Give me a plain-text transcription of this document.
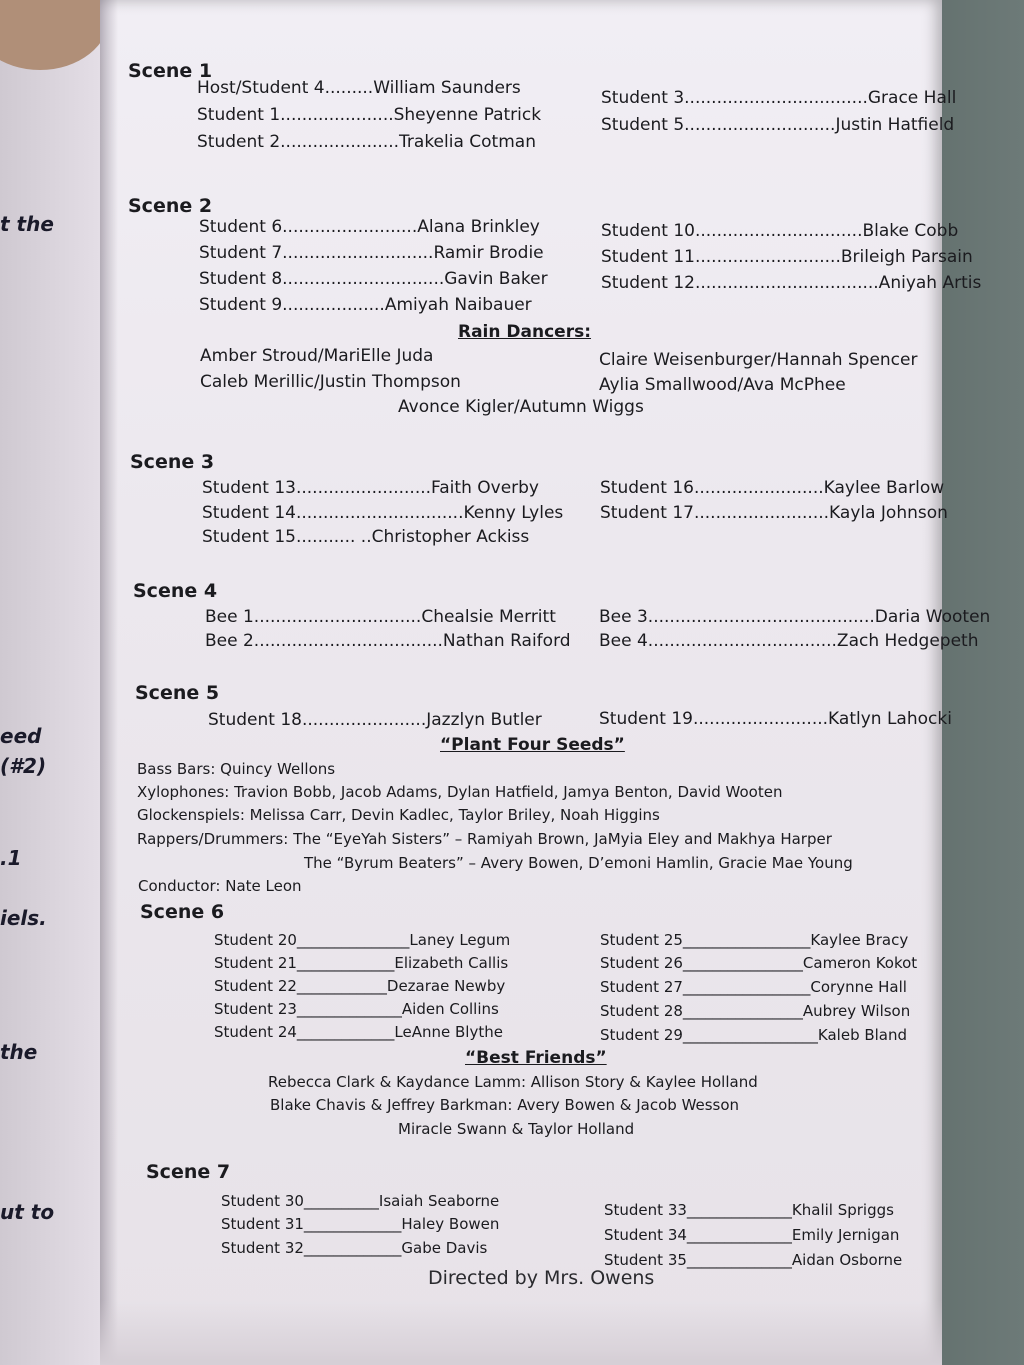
t the
eed
(#2)
.1
iels.
the
ut to
Scene 1
Host/Student 4.........William Saunders
Student 1.....................Sheyenne Patrick
Student 2......................Trakelia Cotman
Student 3..................................Grace Hall
Student 5............................Justin Hatfield
Scene 2
Student 6.........................Alana Brinkley
Student 7............................Ramir Brodie
Student 8..............................Gavin Baker
Student 9...................Amiyah Naibauer
Student 10...............................Blake Cobb
Student 11...........................Brileigh Parsain
Student 12..................................Aniyah Artis
Rain Dancers:
Amber Stroud/MariElle Juda
Caleb Merillic/Justin Thompson
Claire Weisenburger/Hannah Spencer
Aylia Smallwood/Ava McPhee
Avonce Kigler/Autumn Wiggs
Scene 3
Student 13.........................Faith Overby
Student 14...............................Kenny Lyles
Student 15........... ..Christopher Ackiss
Student 16........................Kaylee Barlow
Student 17.........................Kayla Johnson
Scene 4
Bee 1...............................Chealsie Merritt
Bee 2...................................Nathan Raiford
Bee 3..........................................Daria Wooten
Bee 4...................................Zach Hedgepeth
Scene 5
Student 18.......................Jazzlyn Butler	Student 19.........................Katlyn Lahocki
“Plant Four Seeds”
Bass Bars: Quincy Wellons
Xylophones: Travion Bobb, Jacob Adams, Dylan Hatfield, Jamya Benton, David Wooten
Glockenspiels: Melissa Carr, Devin Kadlec, Taylor Briley, Noah Higgins
Rappers/Drummers: The “EyeYah Sisters” – Ramiyah Brown, JaMyia Eley and Makhya Harper
The “Byrum Beaters” – Avery Bowen, D’emoni Hamlin, Gracie Mae Young
Conductor: Nate Leon
Scene 6
Student 20_______________Laney Legum
Student 21_____________Elizabeth Callis
Student 22____________Dezarae Newby
Student 23______________Aiden Collins
Student 24_____________LeAnne Blythe
Student 25_________________Kaylee Bracy
Student 26________________Cameron Kokot
Student 27_________________Corynne Hall
Student 28________________Aubrey Wilson
Student 29__________________Kaleb Bland
“Best Friends”
Rebecca Clark & Kaydance Lamm: Allison Story & Kaylee Holland
Blake Chavis & Jeffrey Barkman: Avery Bowen & Jacob Wesson
Miracle Swann & Taylor Holland
Scene 7
Student 30__________Isaiah Seaborne
Student 31_____________Haley Bowen
Student 32_____________Gabe Davis
Student 33______________Khalil Spriggs
Student 34______________Emily Jernigan
Student 35______________Aidan Osborne
Directed by Mrs. Owens
